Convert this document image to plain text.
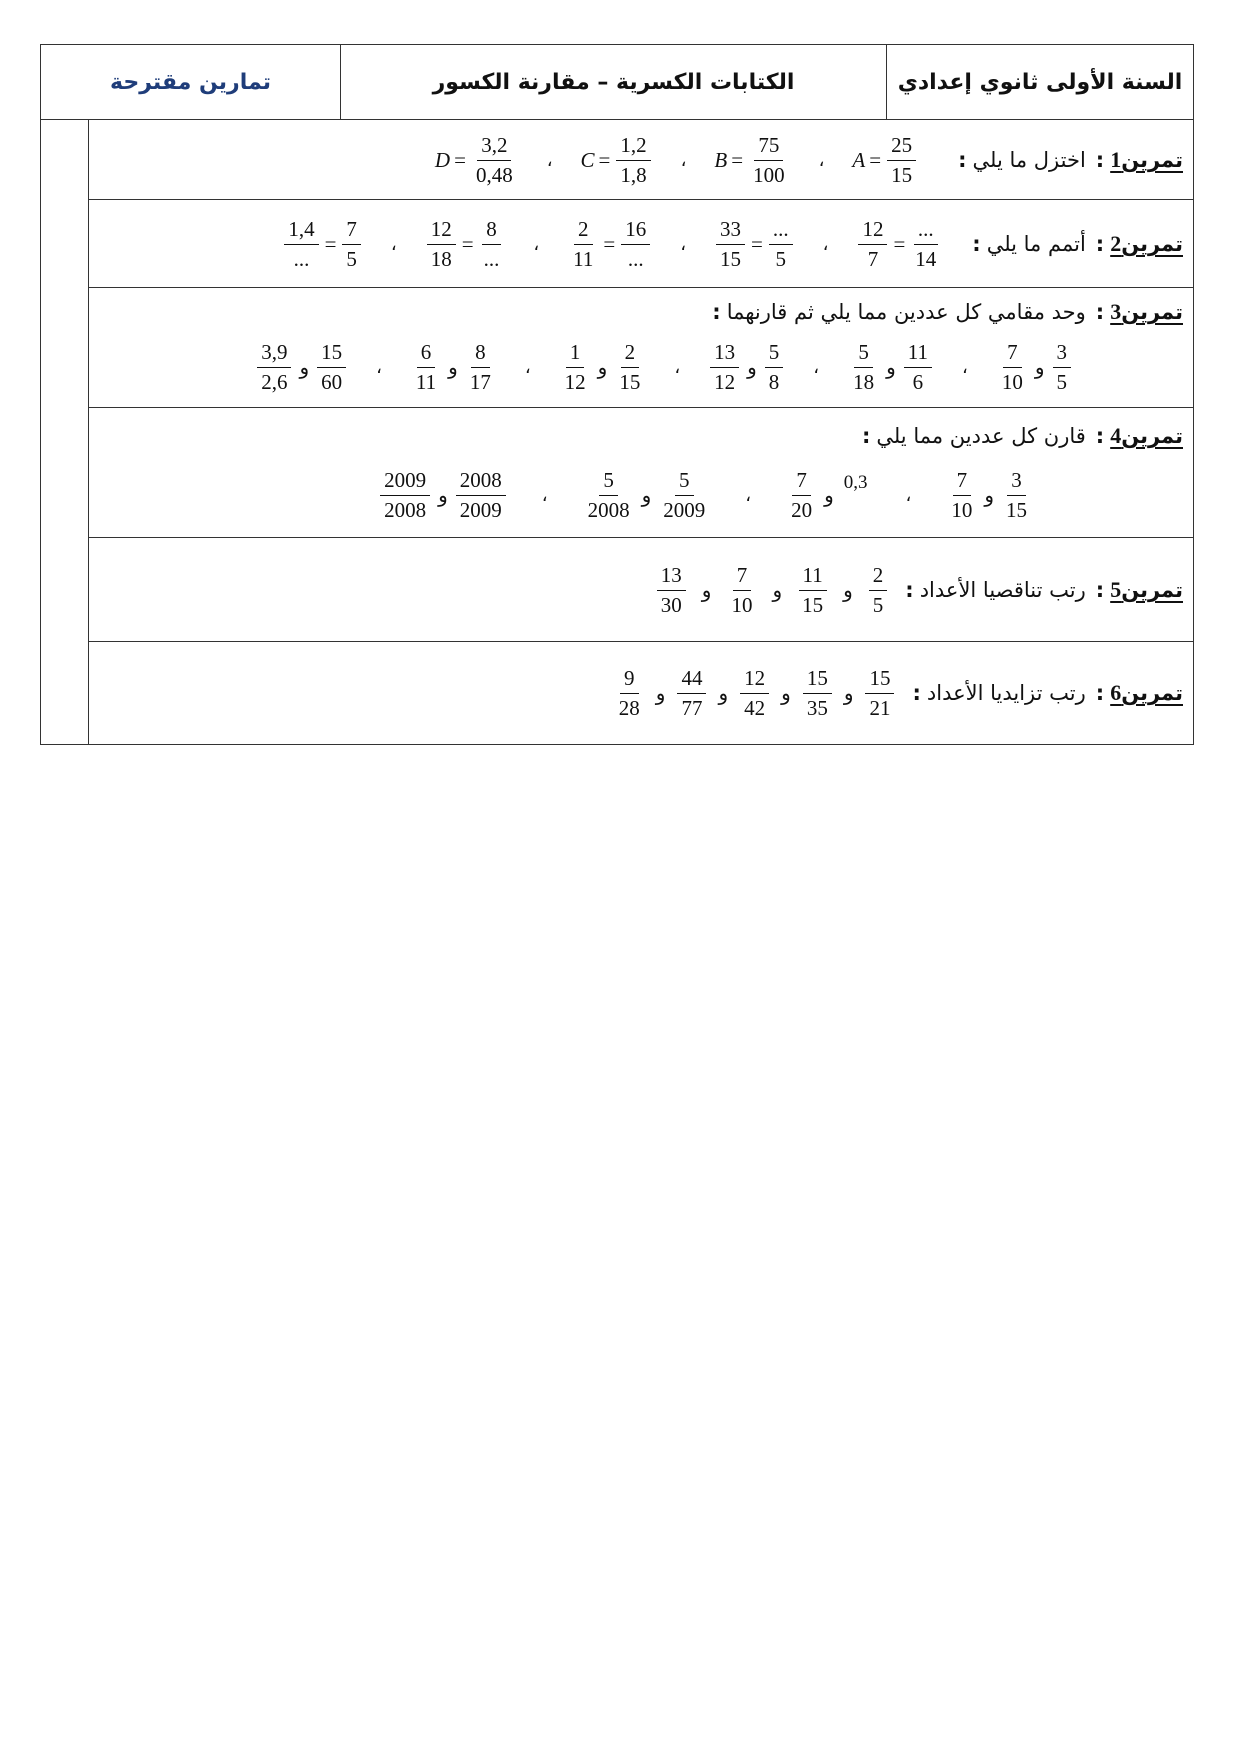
السنة الأولى ثانوي إعدادي
الكتابات الكسرية – مقارنة الكسور
تمارين مقترحة
تمرين1
:
اختزل ما يلي
:
$A = \frac{25}{15}$
،
$B = \frac{75}{100}$
،
$C = \frac{1,2}{1,8}$
،
$D = \frac{3,2}{0,48}$
تمرين2
:
أتمم ما يلي
:
$\frac{12}{7} = \frac{...}{14}$
،
$\frac{33}{15} = \frac{...}{5}$
،
$\frac{2}{11} = \frac{16}{...}$
،
$\frac{12}{18} = \frac{8}{...}$
،
$\frac{1,4}{...} = \frac{7}{5}$
تمرين3
:
وحد مقامي كل عددين مما يلي ثم قارنهما
:
$\frac{7}{10}$ و $\frac{3}{5}$
،
$\frac{5}{18}$ و $\frac{11}{6}$
،
$\frac{13}{12}$ و $\frac{5}{8}$
،
$\frac{1}{12}$ و $\frac{2}{15}$
،
$\frac{6}{11}$ و $\frac{8}{17}$
،
$\frac{3,9}{2,6}$ و $\frac{15}{60}$
تمرين4
:
قارن كل عددين مما يلي
:
$\frac{7}{10}$ و $\frac{3}{15}$
،
$\frac{7}{20}$ و
0,3
،
$\frac{5}{2008}$ و $\frac{5}{2009}$
،
$\frac{2009}{2008}$ و $\frac{2008}{2009}$
تمرين5
:
رتب تناقصيا الأعداد
:
$\frac{2}{5}$
و
$\frac{11}{15}$
و
$\frac{7}{10}$
و
$\frac{13}{30}$
تمرين6
:
رتب تزايديا الأعداد
:
$\frac{15}{21}$
و
$\frac{15}{35}$
و
$\frac{12}{42}$
و
$\frac{44}{77}$
و
$\frac{9}{28}$
